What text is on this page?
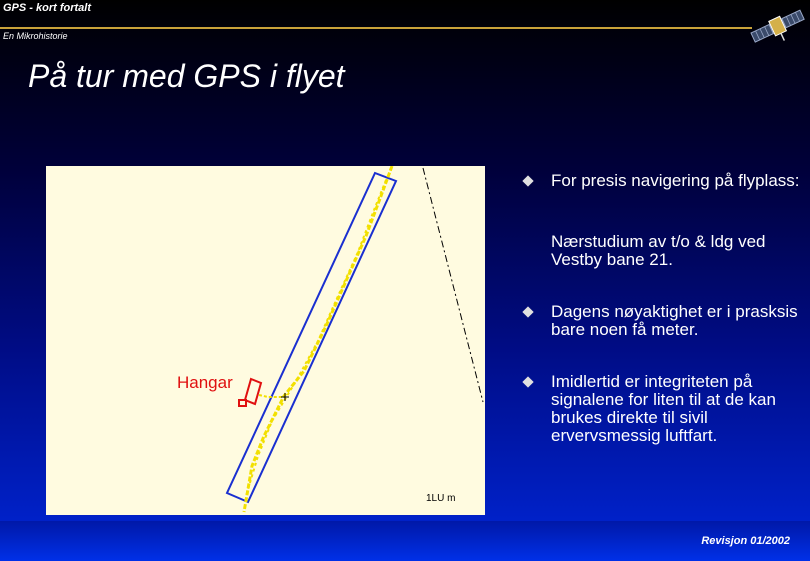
GPS - kort fortalt
En Mikrohistorie
På tur med GPS i flyet
Hangar
1LU m
For presis navigering på flyplass:
Nærstudium av t/o & ldg ved Vestby bane 21.
Dagens nøyaktighet er i prasksis bare noen få meter.
Imidlertid er integriteten på signalene for liten til at de kan brukes direkte til sivil ervervsmessig luftfart.
Revisjon 01/2002
